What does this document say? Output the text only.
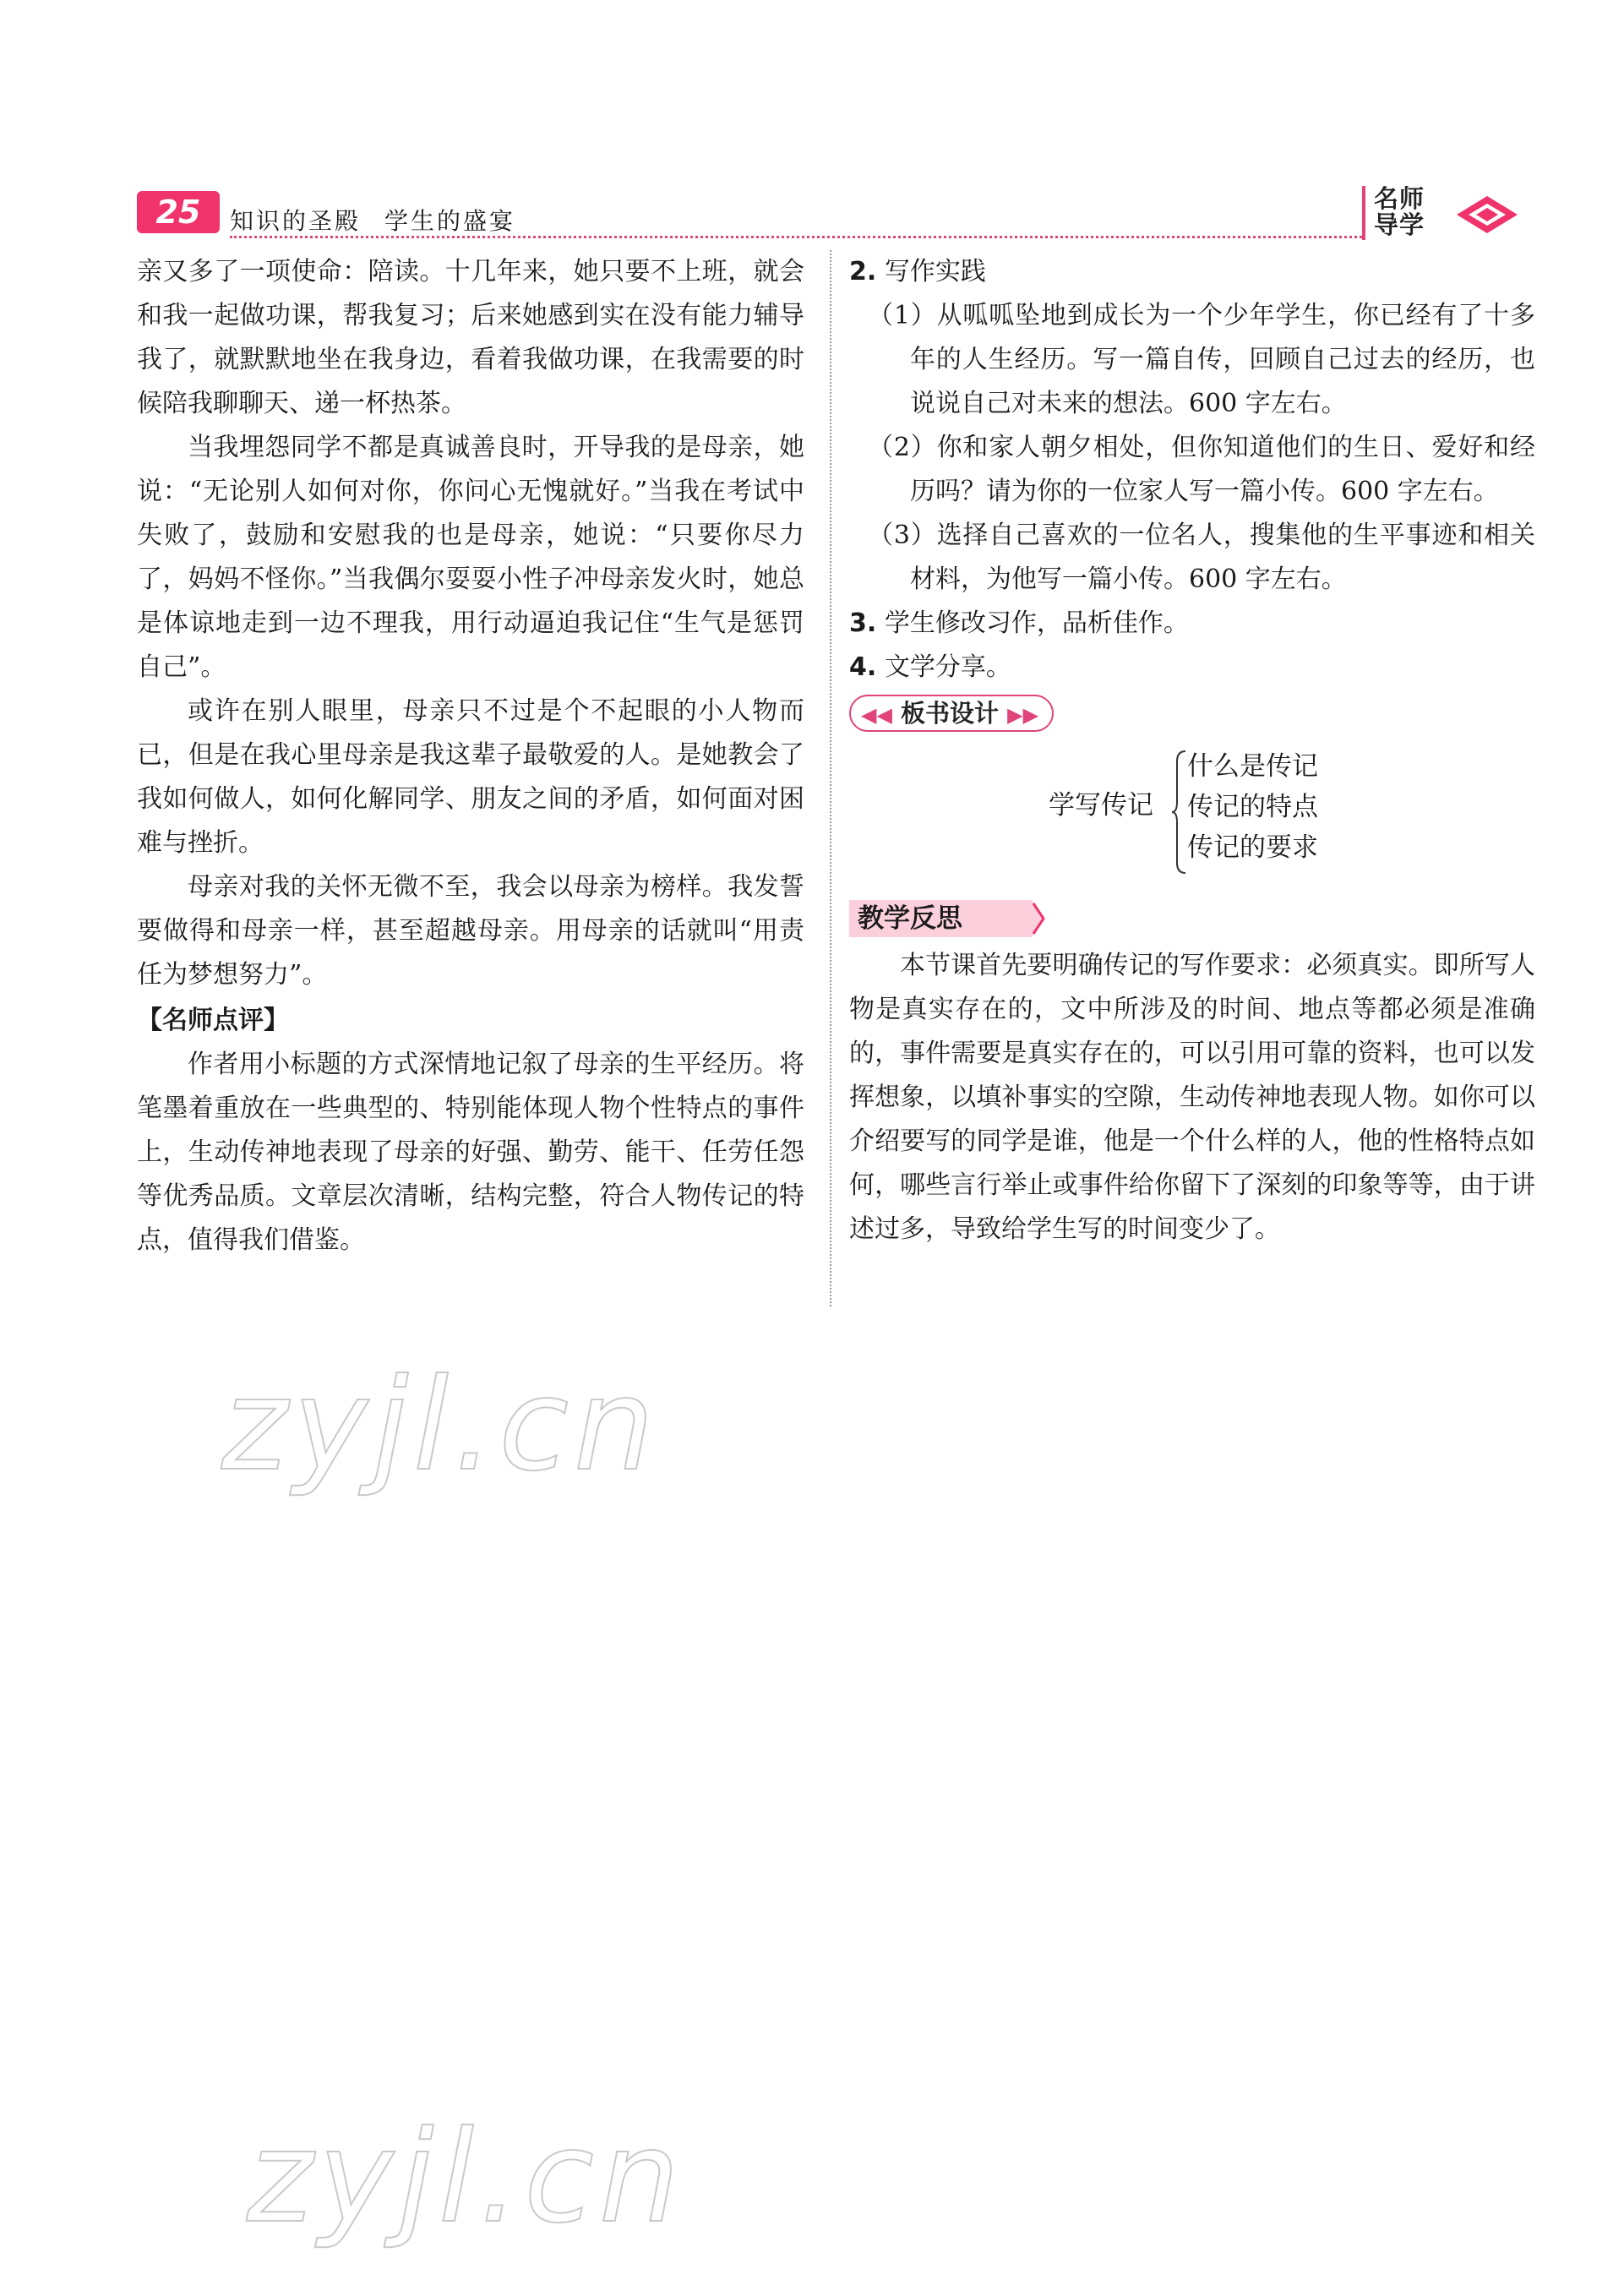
25	知识的圣殿 学生的盛宴
名师
导学

亲又多了一项使命：陪读。十几年来，她只要不上班，就会和我一起做功课，帮我复习；后来她感到实在没有能力辅导我了，就默默地坐在我身边，看着我做功课，在我需要的时候陪我聊聊天、递一杯热茶。

当我埋怨同学不都是真诚善良时，开导我的是母亲，她说：“无论别人如何对你，你问心无愧就好。”当我在考试中失败了，鼓励和安慰我的也是母亲，她说：“只要你尽力了，妈妈不怪你。”当我偶尔耍耍小性子冲母亲发火时，她总是体谅地走到一边不理我，用行动逼迫我记住“生气是惩罚自己”。

或许在别人眼里，母亲只不过是个不起眼的小人物而已，但是在我心里母亲是我这辈子最敬爱的人。是她教会了我如何做人，如何化解同学、朋友之间的矛盾，如何面对困难与挫折。

母亲对我的关怀无微不至，我会以母亲为榜样。我发誓要做得和母亲一样，甚至超越母亲。用母亲的话就叫“用责任为梦想努力”。

【名师点评】

作者用小标题的方式深情地记叙了母亲的生平经历。将笔墨着重放在一些典型的、特别能体现人物个性特点的事件上，生动传神地表现了母亲的好强、勤劳、能干、任劳任怨等优秀品质。文章层次清晰，结构完整，符合人物传记的特点，值得我们借鉴。

2. 写作实践

（1）从呱呱坠地到成长为一个少年学生，你已经有了十多年的人生经历。写一篇自传，回顾自己过去的经历，也说说自己对未来的想法。600 字左右。

（2）你和家人朝夕相处，但你知道他们的生日、爱好和经历吗？请为你的一位家人写一篇小传。600 字左右。

（3）选择自己喜欢的一位名人，搜集他的生平事迹和相关材料，为他写一篇小传。600 字左右。

3. 学生修改习作，品析佳作。

4. 文学分享。

◀◀ 板书设计 ▶▶
学写传记
什么是传记
传记的特点
传记的要求
教学反思

本节课首先要明确传记的写作要求：必须真实。即所写人物是真实存在的，文中所涉及的时间、地点等都必须是准确的，事件需要是真实存在的，可以引用可靠的资料，也可以发挥想象，以填补事实的空隙，生动传神地表现人物。如你可以介绍要写的同学是谁，他是一个什么样的人，他的性格特点如何，哪些言行举止或事件给你留下了深刻的印象等等，由于讲述过多，导致给学生写的时间变少了。

zyjl.cn
zyjl.cn
